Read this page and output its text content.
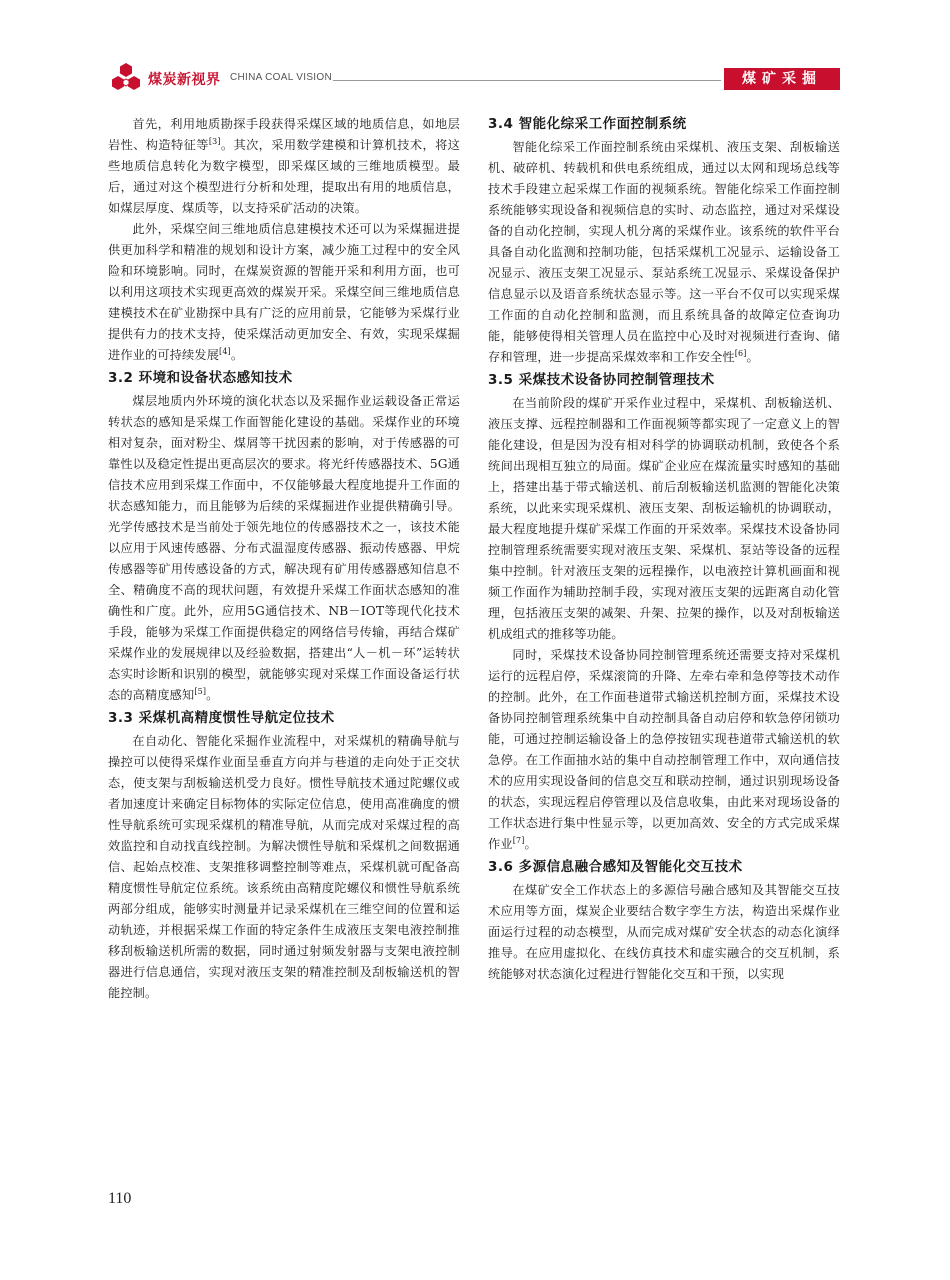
煤炭新视界 CHINA COAL VISION	煤矿采掘

首先，利用地质勘探手段获得采煤区域的地质信息，如地层岩性、构造特征等[3]。其次，采用数学建模和计算机技术，将这些地质信息转化为数字模型，即采煤区域的三维地质模型。最后，通过对这个模型进行分析和处理，提取出有用的地质信息，如煤层厚度、煤质等，以支持采矿活动的决策。

此外，采煤空间三维地质信息建模技术还可以为采煤掘进提供更加科学和精准的规划和设计方案，减少施工过程中的安全风险和环境影响。同时，在煤炭资源的智能开采和利用方面，也可以利用这项技术实现更高效的煤炭开采。采煤空间三维地质信息建模技术在矿业勘探中具有广泛的应用前景，它能够为采煤行业提供有力的技术支持，使采煤活动更加安全、有效，实现采煤掘进作业的可持续发展[4]。

3.2 环境和设备状态感知技术

煤层地质内外环境的演化状态以及采掘作业运载设备正常运转状态的感知是采煤工作面智能化建设的基础。采煤作业的环境相对复杂，面对粉尘、煤屑等干扰因素的影响，对于传感器的可靠性以及稳定性提出更高层次的要求。将光纤传感器技术、5G通信技术应用到采煤工作面中，不仅能够最大程度地提升工作面的状态感知能力，而且能够为后续的采煤掘进作业提供精确引导。光学传感技术是当前处于领先地位的传感器技术之一，该技术能以应用于风速传感器、分布式温湿度传感器、振动传感器、甲烷传感器等矿用传感设备的方式，解决现有矿用传感器感知信息不全、精确度不高的现状问题，有效提升采煤工作面状态感知的准确性和广度。此外，应用5G通信技术、NB－IOT等现代化技术手段，能够为采煤工作面提供稳定的网络信号传输，再结合煤矿采煤作业的发展规律以及经验数据，搭建出“人－机－环”运转状态实时诊断和识别的模型，就能够实现对采煤工作面设备运行状态的高精度感知[5]。

3.3 采煤机高精度惯性导航定位技术

在自动化、智能化采掘作业流程中，对采煤机的精确导航与操控可以使得采煤作业面呈垂直方向并与巷道的走向处于正交状态，使支架与刮板输送机受力良好。惯性导航技术通过陀螺仪或者加速度计来确定目标物体的实际定位信息，使用高准确度的惯性导航系统可实现采煤机的精准导航，从而完成对采煤过程的高效监控和自动找直线控制。为解决惯性导航和采煤机之间数据通信、起始点校准、支架推移调整控制等难点，采煤机就可配备高精度惯性导航定位系统。该系统由高精度陀螺仪和惯性导航系统两部分组成，能够实时测量并记录采煤机在三维空间的位置和运动轨迹，并根据采煤工作面的特定条件生成液压支架电液控制推移刮板输送机所需的数据，同时通过射频发射器与支架电液控制器进行信息通信，实现对液压支架的精准控制及刮板输送机的智能控制。

3.4 智能化综采工作面控制系统

智能化综采工作面控制系统由采煤机、液压支架、刮板输送机、破碎机、转载机和供电系统组成，通过以太网和现场总线等技术手段建立起采煤工作面的视频系统。智能化综采工作面控制系统能够实现设备和视频信息的实时、动态监控，通过对采煤设备的自动化控制，实现人机分离的采煤作业。该系统的软件平台具备自动化监测和控制功能，包括采煤机工况显示、运输设备工况显示、液压支架工况显示、泵站系统工况显示、采煤设备保护信息显示以及语音系统状态显示等。这一平台不仅可以实现采煤工作面的自动化控制和监测，而且系统具备的故障定位查询功能，能够使得相关管理人员在监控中心及时对视频进行查询、储存和管理，进一步提高采煤效率和工作安全性[6]。

3.5 采煤技术设备协同控制管理技术

在当前阶段的煤矿开采作业过程中，采煤机、刮板输送机、液压支撑、远程控制器和工作面视频等都实现了一定意义上的智能化建设，但是因为没有相对科学的协调联动机制，致使各个系统间出现相互独立的局面。煤矿企业应在煤流量实时感知的基础上，搭建出基于带式输送机、前后刮板输送机监测的智能化决策系统，以此来实现采煤机、液压支架、刮板运输机的协调联动，最大程度地提升煤矿采煤工作面的开采效率。采煤技术设备协同控制管理系统需要实现对液压支架、采煤机、泵站等设备的远程集中控制。针对液压支架的远程操作，以电液控计算机画面和视频工作面作为辅助控制手段，实现对液压支架的远距离自动化管理，包括液压支架的减架、升架、拉架的操作，以及对刮板输送机成组式的推移等功能。

同时，采煤技术设备协同控制管理系统还需要支持对采煤机运行的远程启停，采煤滚筒的升降、左牵右牵和急停等技术动作的控制。此外，在工作面巷道带式输送机控制方面，采煤技术设备协同控制管理系统集中自动控制具备自动启停和软急停闭锁功能，可通过控制运输设备上的急停按钮实现巷道带式输送机的软急停。在工作面抽水站的集中自动控制管理工作中，双向通信技术的应用实现设备间的信息交互和联动控制，通过识别现场设备的状态，实现远程启停管理以及信息收集，由此来对现场设备的工作状态进行集中性显示等，以更加高效、安全的方式完成采煤作业[7]。

3.6 多源信息融合感知及智能化交互技术

在煤矿安全工作状态上的多源信号融合感知及其智能交互技术应用等方面，煤炭企业要结合数字孪生方法，构造出采煤作业面运行过程的动态模型，从而完成对煤矿安全状态的动态化演绎推导。在应用虚拟化、在线仿真技术和虚实融合的交互机制，系统能够对状态演化过程进行智能化交互和干预，以实现

110
